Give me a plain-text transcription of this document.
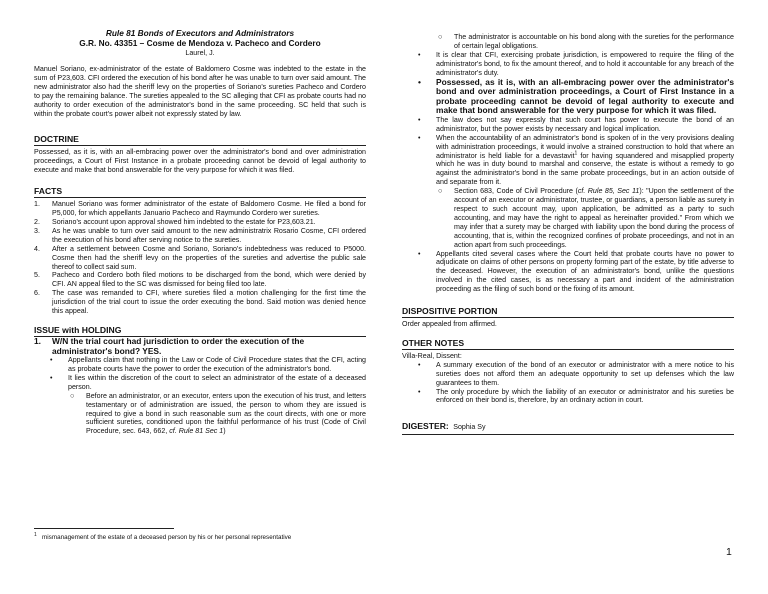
Rule 81 Bonds of Executors and Administrators

G.R. No. 43351 – Cosme de Mendoza v. Pacheco and Cordero

Laurel, J.

Manuel Soriano, ex-administrator of the estate of Baldomero Cosme was indebted to the estate in the sum of P23,603. CFI ordered the execution of his bond after he was unable to turn over said amount. The new administrator also had the sheriff levy on the properties of Soriano's sureties Pacheco and Cordero to pay the remaining balance. The sureties appealed to the SC alleging that CFI as probate courts had no authority to order execution of the administrator's bond in the same proceeding. SC held that such is within the probate court's power albeit not expressly stated by law.

DOCTRINE

Possessed, as it is, with an all-embracing power over the administrator's bond and over administration proceedings, a Court of First Instance in a probate proceeding cannot be devoid of legal authority to execute and make that bond answerable for the very purpose for which it was filed.

FACTS
1. Manuel Soriano was former administrator of the estate of Baldomero Cosme. He filed a bond for P5,000, for which appellants Januario Pacheco and Raymundo Cordero wer sureties.
2. Soriano's account upon approval showed him indebted to the estate for P23,603.21.
3. As he was unable to turn over said amount to the new administratrix Rosario Cosme, CFI ordered the execution of his bond after serving notice to the sureties.
4. After a settlement between Cosme and Soriano, Soriano's indebtedness was reduced to P5000. Cosme then had the sheriff levy on the properties of the sureties and advertise the public sale thereof to collect said sum.
5. Pacheco and Cordero both filed motions to be discharged from the bond, which were denied by CFI. AN appeal filed to the SC was dismissed for being filed too late.
6. The case was remanded to CFI, where sureties filed a motion challenging for the first time the jurisdiction of the trial court to issue the order executing the bond. Said motion was denied hence this appeal.
ISSUE with HOLDING
1. W/N the trial court had jurisdiction to order the execution of the administrator's bond? YES.
• Appellants claim that nothing in the Law or Code of Civil Procedure states that the CFI, acting as probate courts have the power to order the execution of the administrator's bond.
• It lies within the discretion of the court to select an administrator of the estate of a deceased person.
○ Before an administrator, or an executor, enters upon the execution of his trust, and letters testamentary or of administration are issued, the person to whom they are issued is required to give a bond in such reasonable sum as the court directs, with one or more sufficient sureties, conditioned upon the faithful performance of his trust (Code of Civil Procedure, sec. 643, 662, cf. Rule 81 Sec 1)
$^1$ mismanagement of the estate of a deceased person by his or her personal representative
○ The administrator is accountable on his bond along with the sureties for the performance of certain legal obligations.
• It is clear that CFI, exercising probate jurisdiction, is empowered to require the filing of the administrator's bond, to fix the amount thereof, and to hold it accountable for any breach of the administrator's duty.
• Possessed, as it is, with an all-embracing power over the administrator's bond and over administration proceedings, a Court of First Instance in a probate proceeding cannot be devoid of legal authority to execute and make that bond answerable for the very purpose for which it was filed.
• The law does not say expressly that such court has power to execute the bond of an administrator, but the power exists by necessary and logical implication.
• When the accountability of an administrator's bond is spoken of in the very provisions dealing with administration proceedings, it would involve a strained construction to hold that where an administrator is held liable for a devastavit$^1$ for having squandered and misapplied property which he was in duty bound to marshal and conserve, the estate is without a remedy to go against the administrator's bond in the same probate proceedings, but in an action outside of and separate from it.
○ Section 683, Code of Civil Procedure (cf. Rule 85, Sec 11): "Upon the settlement of the account of an executor or administrator, trustee, or guardians, a person liable as surety in respect to such account may, upon application, be admitted as a party to such accounting, and may have the right to appeal as hereinafter provided." From which we may infer that a surety may be charged with liability upon the bond during the process of accounting, that is, within the recognized confines of probate proceedings, and not in an action apart from such proceedings.
• Appellants cited several cases where the Court held that probate courts have no power to adjudicate on claims of other persons on property forming part of the estate, by title adverse to the deceased. However, the execution of an administrator's bond, unlike the questions involved in the cited cases, is as necessary a part and incident of the administration proceeding as the filing of such bond or the fixing of its amount.
DISPOSITIVE PORTION

Order appealed from affirmed.

OTHER NOTES

Villa-Real, Dissent:

• A summary execution of the bond of an executor or administrator with a mere notice to his sureties does not afford them an adequate opportunity to set up defenses which the law guarantees to them.
• The only procedure by which the liability of an executor or administrator and his sureties be enforced on their bond is, therefore, by an ordinary action in court.
DIGESTER: Sophia Sy
1
